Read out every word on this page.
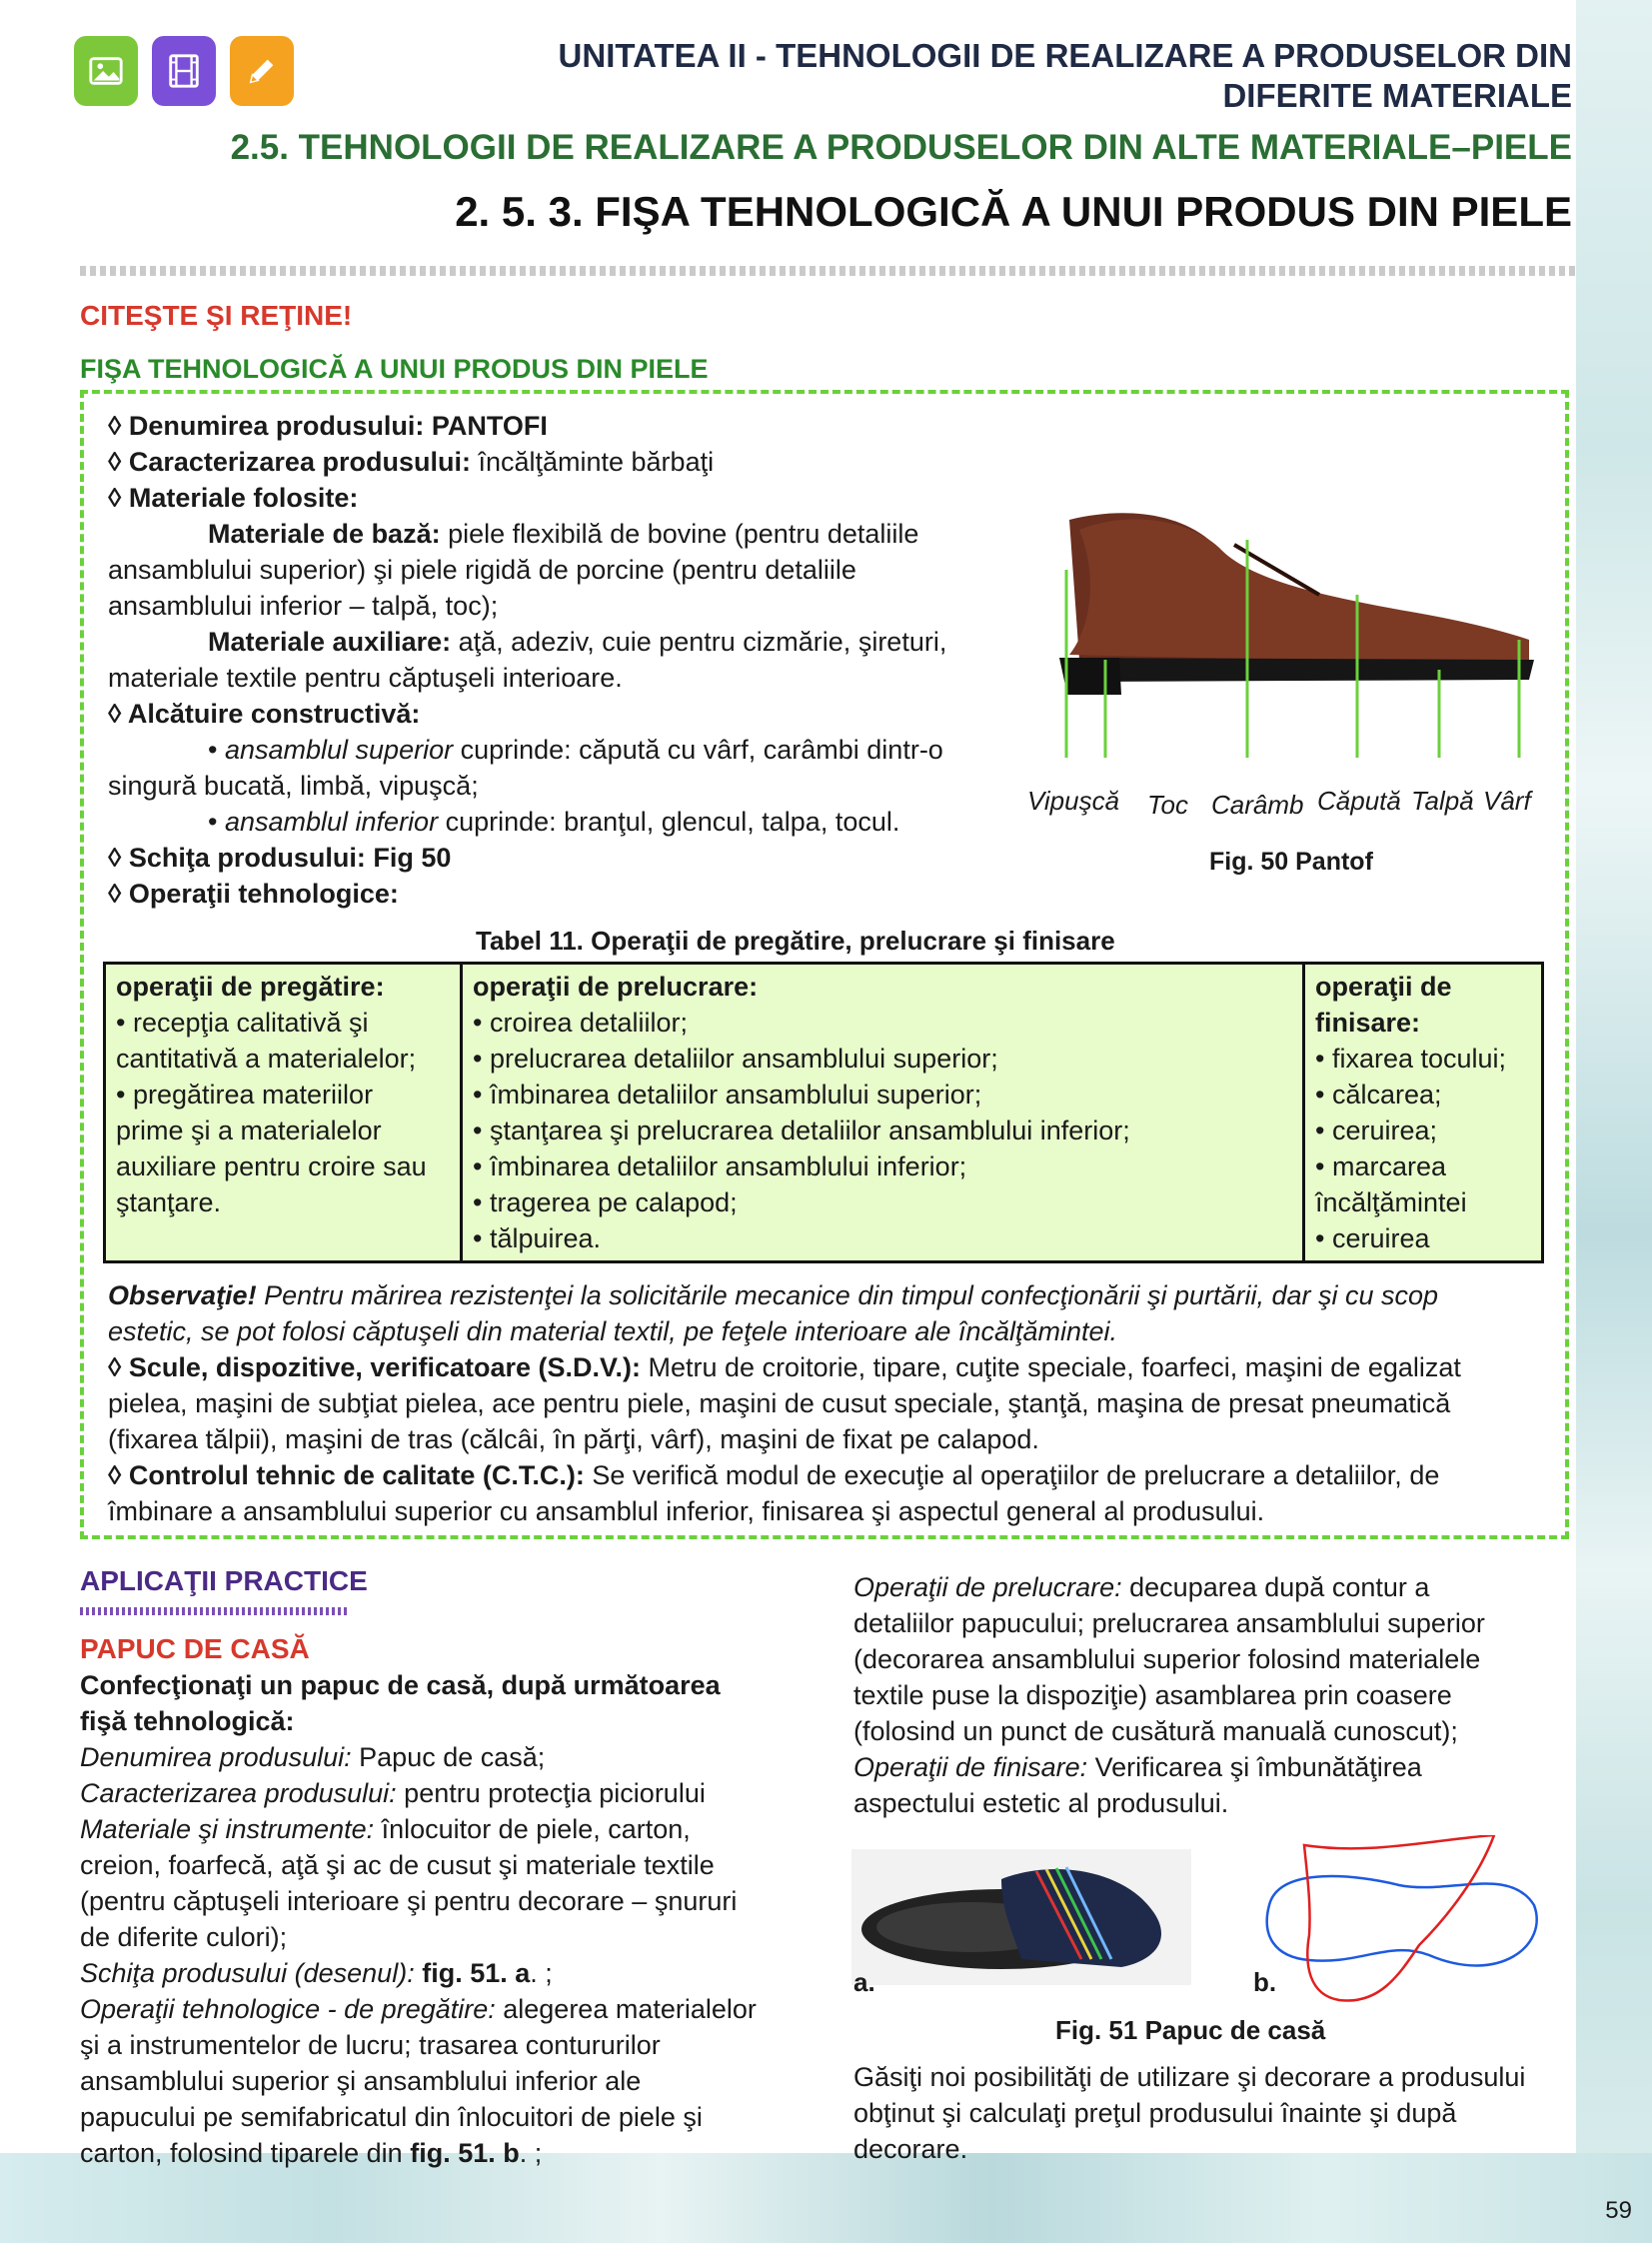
UNITATEA II - TEHNOLOGII DE REALIZARE A PRODUSELOR DIN
DIFERITE MATERIALE
2.5. TEHNOLOGII DE REALIZARE A PRODUSELOR DIN ALTE MATERIALE–PIELE
2. 5. 3. FIŞA TEHNOLOGICĂ A UNUI PRODUS DIN PIELE
CITEŞTE ŞI REŢINE!
FIŞA TEHNOLOGICĂ A UNUI PRODUS DIN PIELE
◊ Denumirea produsului: PANTOFI
◊ Caracterizarea produsului: încălţăminte bărbaţi
◊ Materiale folosite:
Materiale de bază: piele flexibilă de bovine (pentru detaliile
ansamblului superior) şi piele rigidă de porcine (pentru detaliile
ansamblului inferior – talpă, toc);
Materiale auxiliare: aţă, adeziv, cuie pentru cizmărie, şireturi,
materiale textile pentru căptuşeli interioare.
◊ Alcătuire constructivă:
• ansamblul superior cuprinde: căpută cu vârf, carâmbi dintr-o
singură bucată, limbă, vipuşcă;
• ansamblul inferior cuprinde: branţul, glencul, talpa, tocul.
◊ Schiţa produsului: Fig 50
◊ Operaţii tehnologice:
Vipuşcă Toc Carâmb Căpută Talpă Vârf
Fig. 50 Pantof
Tabel 11. Operaţii de pregătire, prelucrare şi finisare
operaţii de pregătire:
• recepţia calitativă şi
cantitativă a materialelor;
• pregătirea materiilor
prime şi a materialelor
auxiliare pentru croire sau
ştanţare.

operaţii de prelucrare:
• croirea detaliilor;
• prelucrarea detaliilor ansamblului superior;
• îmbinarea detaliilor ansamblului superior;
• ştanţarea şi prelucrarea detaliilor ansamblului inferior;
• îmbinarea detaliilor ansamblului inferior;
• tragerea pe calapod;
• tălpuirea.

operaţii de
finisare:
• fixarea tocului;
• călcarea;
• ceruirea;
• marcarea
încălţămintei
• ceruirea
Observaţie! Pentru mărirea rezistenţei la solicitările mecanice din timpul confecţionării şi purtării, dar şi cu scop
estetic, se pot folosi căptuşeli din material textil, pe feţele interioare ale încălţămintei.
◊ Scule, dispozitive, verificatoare (S.D.V.): Metru de croitorie, tipare, cuţite speciale, foarfeci, maşini de egalizat
pielea, maşini de subţiat pielea, ace pentru piele, maşini de cusut speciale, ştanţă, maşina de presat pneumatică
(fixarea tălpii), maşini de tras (călcâi, în părţi, vârf), maşini de fixat pe calapod.
◊ Controlul tehnic de calitate (C.T.C.): Se verifică modul de execuţie al operaţiilor de prelucrare a detaliilor, de
îmbinare a ansamblului superior cu ansamblul inferior, finisarea şi aspectul general al produsului.
APLICAŢII PRACTICE
PAPUC DE CASĂ
Confecţionaţi un papuc de casă, după următoarea
fişă tehnologică:
Denumirea produsului: Papuc de casă;
Caracterizarea produsului: pentru protecţia piciorului
Materiale şi instrumente: înlocuitor de piele, carton,
creion, foarfecă, aţă şi ac de cusut şi materiale textile
(pentru căptuşeli interioare şi pentru decorare – şnururi
de diferite culori);
Schiţa produsului (desenul): fig. 51. a. ;
Operaţii tehnologice - de pregătire: alegerea materialelor
şi a instrumentelor de lucru; trasarea contururilor
ansamblului superior şi ansamblului inferior ale
papucului pe semifabricatul din înlocuitori de piele şi
carton, folosind tiparele din fig. 51. b. ;
Operaţii de prelucrare: decuparea după contur a
detaliilor papucului; prelucrarea ansamblului superior
(decorarea ansamblului superior folosind materialele
textile puse la dispoziţie) asamblarea prin coasere
(folosind un punct de cusătură manuală cunoscut);
Operaţii de finisare: Verificarea şi îmbunătăţirea
aspectului estetic al produsului.
a.	b.
Fig. 51 Papuc de casă
Găsiţi noi posibilităţi de utilizare şi decorare a produsului
obţinut şi calculaţi preţul produsului înainte şi după
decorare.
59
